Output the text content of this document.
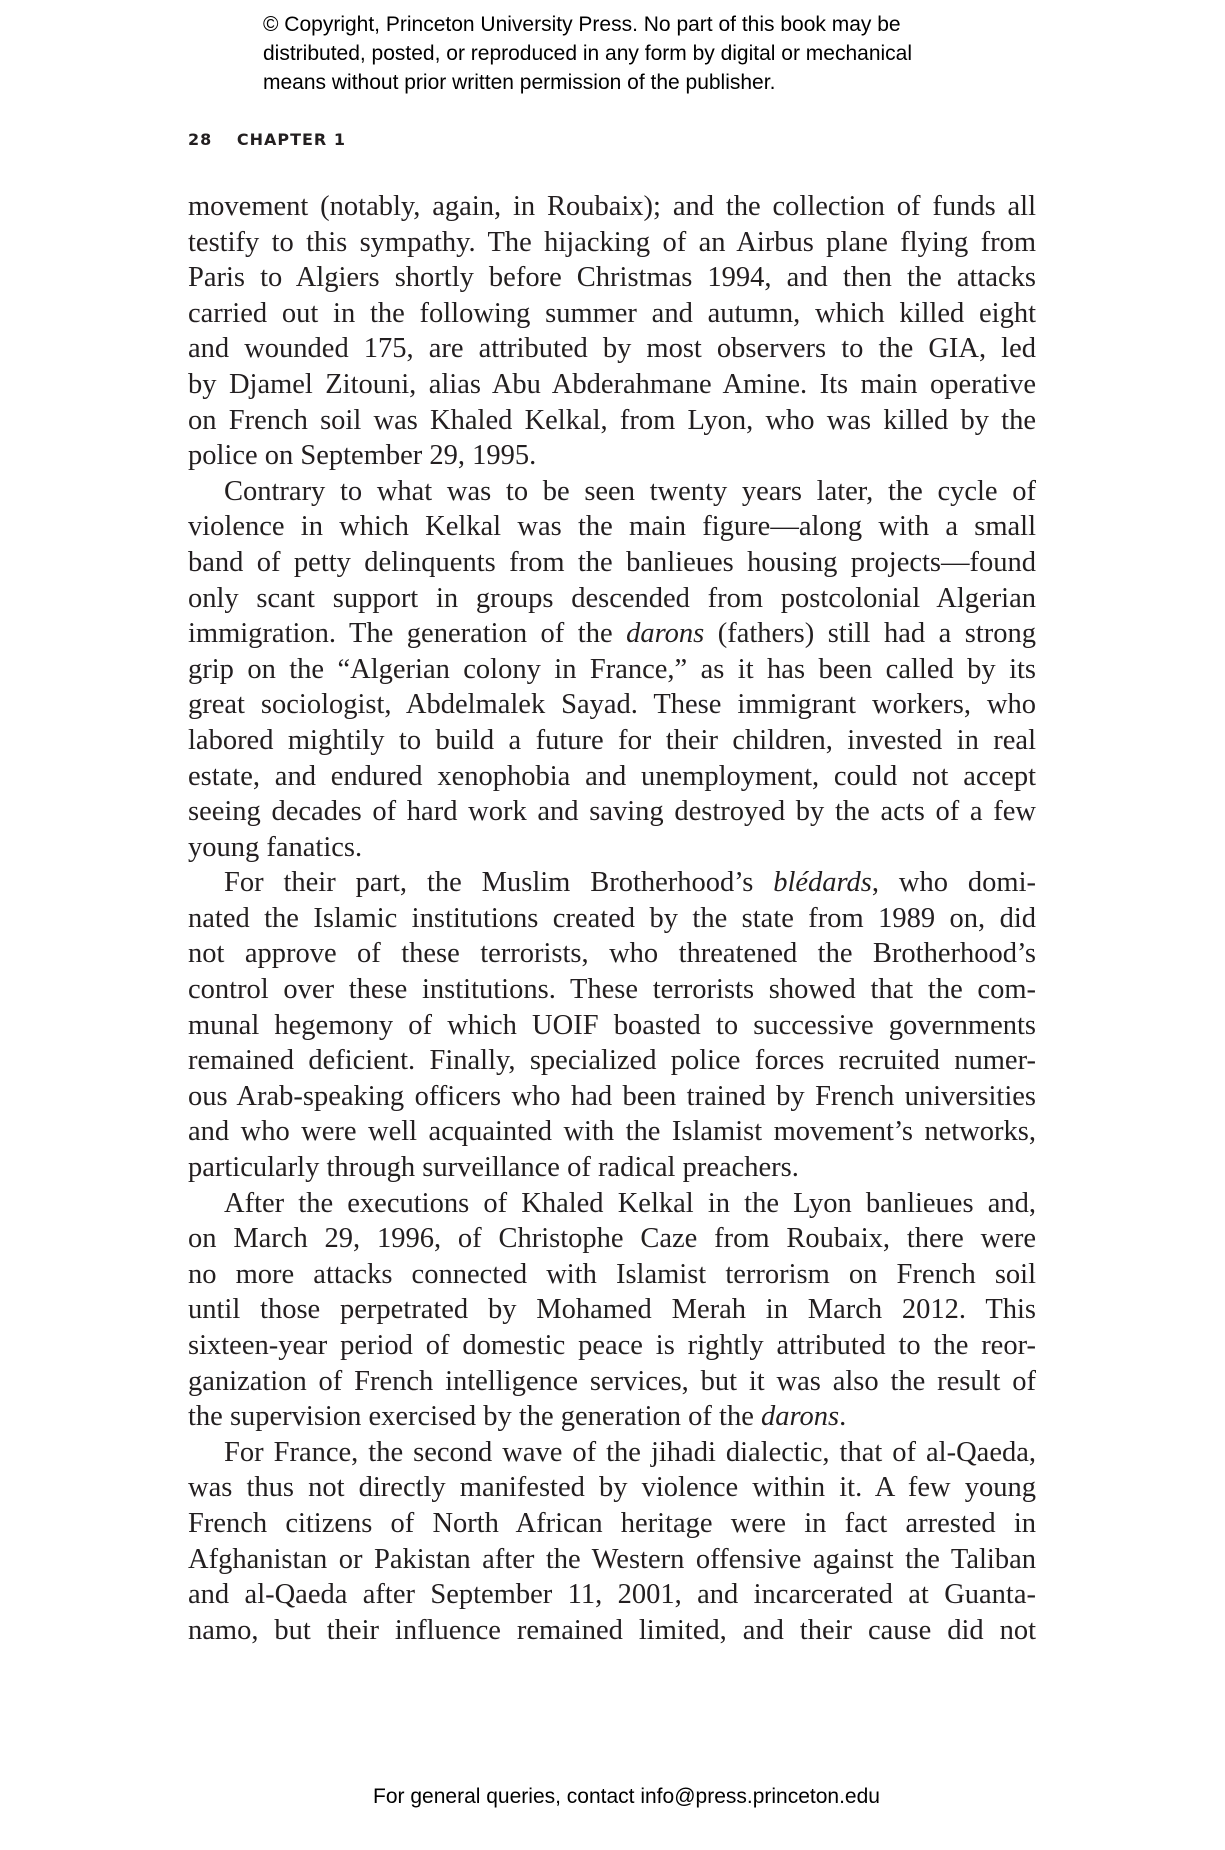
© Copyright, Princeton University Press. No part of this book may be
distributed, posted, or reproduced in any form by digital or mechanical
means without prior written permission of the publisher.
28 CHAPTER 1
movement (notably, again, in Roubaix); and the collection of funds all
testify to this sympathy. The hijacking of an Airbus plane flying from
Paris to Algiers shortly before Christmas 1994, and then the attacks
carried out in the following summer and autumn, which killed eight
and wounded 175, are attributed by most observers to the GIA, led
by Djamel Zitouni, alias Abu Abderahmane Amine. Its main operative
on French soil was Khaled Kelkal, from Lyon, who was killed by the
police on September 29, 1995.
Contrary to what was to be seen twenty years later, the cycle of
violence in which Kelkal was the main figure—along with a small
band of petty delinquents from the banlieues housing projects—found
only scant support in groups descended from postcolonial Algerian
immigration. The generation of the darons (fathers) still had a strong
grip on the “Algerian colony in France,” as it has been called by its
great sociologist, Abdelmalek Sayad. These immigrant workers, who
labored mightily to build a future for their children, invested in real
estate, and endured xenophobia and unemployment, could not accept
seeing decades of hard work and saving destroyed by the acts of a few
young fanatics.
For their part, the Muslim Brotherhood’s blédards, who domi-
nated the Islamic institutions created by the state from 1989 on, did
not approve of these terrorists, who threatened the Brotherhood’s
control over these institutions. These terrorists showed that the com-
munal hegemony of which UOIF boasted to successive governments
remained deficient. Finally, specialized police forces recruited numer-
ous Arab-speaking officers who had been trained by French universities
and who were well acquainted with the Islamist movement’s networks,
particularly through surveillance of radical preachers.
After the executions of Khaled Kelkal in the Lyon banlieues and,
on March 29, 1996, of Christophe Caze from Roubaix, there were
no more attacks connected with Islamist terrorism on French soil
until those perpetrated by Mohamed Merah in March 2012. This
sixteen-year period of domestic peace is rightly attributed to the reor-
ganization of French intelligence services, but it was also the result of
the supervision exercised by the generation of the darons.
For France, the second wave of the jihadi dialectic, that of al-Qaeda,
was thus not directly manifested by violence within it. A few young
French citizens of North African heritage were in fact arrested in
Afghanistan or Pakistan after the Western offensive against the Taliban
and al-Qaeda after September 11, 2001, and incarcerated at Guanta-
namo, but their influence remained limited, and their cause did not
For general queries, contact info@press.princeton.edu
